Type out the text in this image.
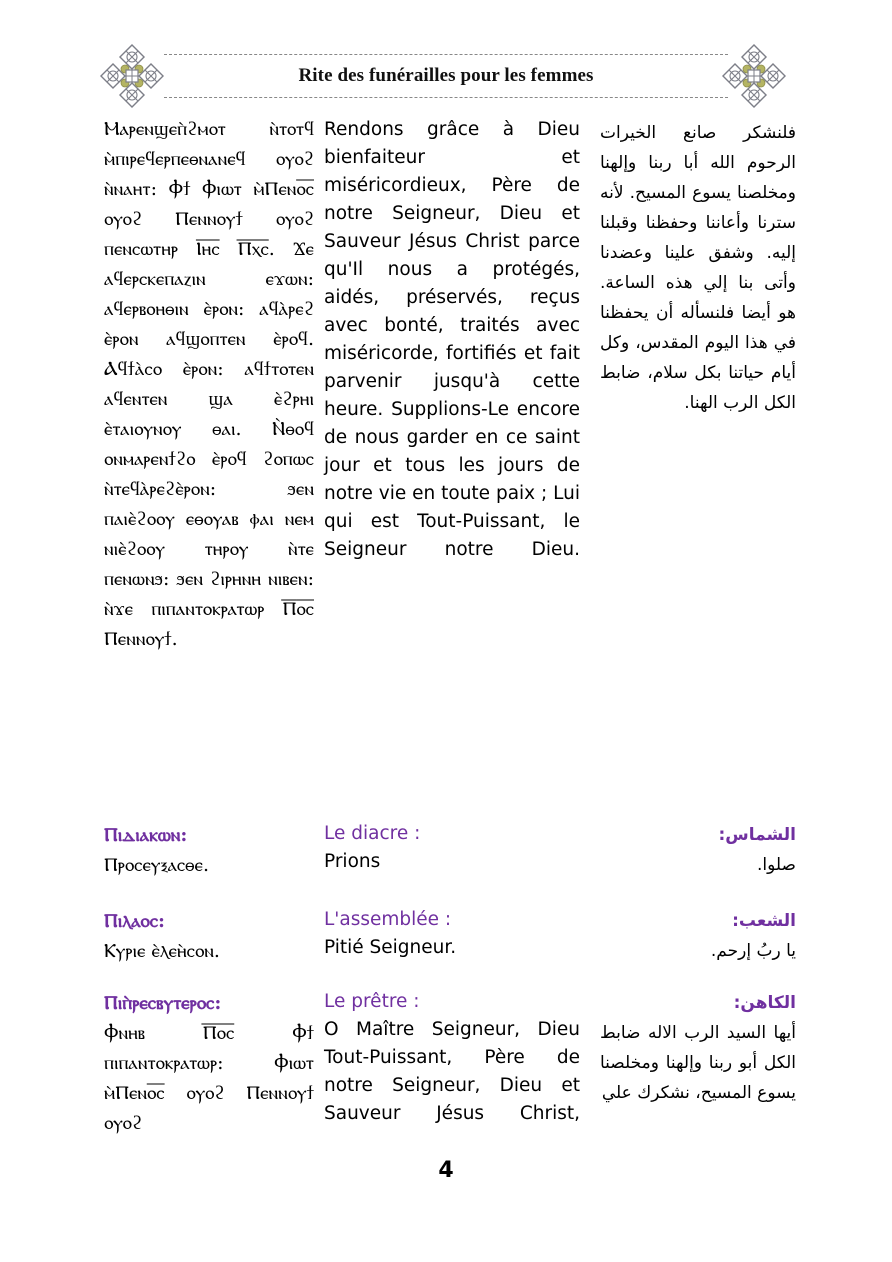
Rite des funérailles pour les femmes
Ⲙⲁⲣⲉⲛϣⲉⲡ̀ϩⲙⲟⲧ ⲛ̀ⲧⲟⲧϥ ⲙ̀ⲡⲓⲣⲉϥⲉⲣⲡⲉⲑⲛⲁⲛⲉϥ ⲟⲩⲟϩ ⲛ̀ⲛⲁⲏⲧ: Ⲫϯ Ⲫⲓⲱⲧ ⲙ̀Ⲡⲉⲛⲟ̅ⲥ̅ ⲟⲩⲟϩ Ⲡⲉⲛⲛⲟⲩϯ ⲟⲩⲟϩ ⲡⲉⲛⲥⲱⲧⲏⲣ Ⲓ̅ⲏ̅ⲥ̅ Ⲡ̅ⲭ̅ⲥ̅. Ϫⲉ ⲁϥⲉⲣⲥⲕⲉⲡⲁⲍⲓⲛ ⲉϫⲱⲛ: ⲁϥⲉⲣⲃⲟⲏⲑⲓⲛ ⲉ̀ⲣⲟⲛ: ⲁϥⲁ̀ⲣⲉϩ ⲉ̀ⲣⲟⲛ ⲁϥϣⲟⲡⲧⲉⲛ ⲉ̀ⲣⲟϥ. Ⲁϥϯⲁ̀ⲥⲟ ⲉ̀ⲣⲟⲛ: ⲁϥϯⲧⲟⲧⲉⲛ ⲁϥⲉⲛⲧⲉⲛ ϣⲁ ⲉ̀ϩⲣⲏⲓ ⲉ̀ⲧⲁⲓⲟⲩⲛⲟⲩ ⲑⲁⲓ. Ⲛ̀ⲑⲟϥ ⲟⲛⲙⲁⲣⲉⲛϯϩⲟ ⲉ̀ⲣⲟϥ ϩⲟⲡⲱⲥ ⲛ̀ⲧⲉϥⲁ̀ⲣⲉϩⲉ̀ⲣⲟⲛ: ϧⲉⲛ ⲡⲁⲓⲉ̀ϩⲟⲟⲩ ⲉⲑⲟⲩⲁⲃ ⲫⲁⲓ ⲛⲉⲙ ⲛⲓⲉ̀ϩⲟⲟⲩ ⲧⲏⲣⲟⲩ ⲛ̀ⲧⲉ ⲡⲉⲛⲱⲛϧ: ϧⲉⲛ ϩⲓⲣⲏⲛⲏ ⲛⲓⲃⲉⲛ: ⲛ̀ϫⲉ ⲡⲓⲡⲁⲛⲧⲟⲕⲣⲁⲧⲱⲣ Ⲡ̅ⲟ̅ⲥ̅ Ⲡⲉⲛⲛⲟⲩϯ.
Rendons grâce à Dieu bienfaiteur et miséricordieux, Père de notre Seigneur, Dieu et Sauveur Jésus Christ parce qu'Il nous a protégés, aidés, préservés, reçus avec bonté, traités avec miséricorde, fortifiés et fait parvenir jusqu'à cette heure. Supplions-Le encore de nous garder en ce saint jour et tous les jours de notre vie en toute paix ; Lui qui est Tout-Puissant, le Seigneur notre Dieu.
فلنشكر صانع الخيرات الرحوم الله أبا ربنا وإلهنا ومخلصنا يسوع المسيح. لأنه سترنا وأعاننا وحفظنا وقبلنا إليه. وشفق علينا وعضدنا وأتى بنا إلي هذه الساعة. هو أيضا فلنسأله أن يحفظنا في هذا اليوم المقدس، وكل أيام حياتنا بكل سلام، ضابط الكل الرب الهنا.
Ⲡⲓⲇⲓⲁⲕⲱⲛ:
Ⲡⲣⲟⲥⲉⲩⲝⲁⲥⲑⲉ.
Le diacre :
Prions
الشماس:
صلوا.
Ⲡⲓⲗⲁⲟⲥ:
Ⲕⲩⲣⲓⲉ ⲉ̀ⲗⲉⲏ̀ⲥⲟⲛ.
L'assemblée :
Pitié Seigneur.
الشعب:
يا ربُ إرحم.
Ⲡⲓⲡ̀ⲣⲉⲥⲃⲩⲧⲉⲣⲟⲥ:
Ⲫⲛⲏⲃ Ⲡ̅ⲟ̅ⲥ̅ Ⲫϯ ⲡⲓⲡⲁⲛⲧⲟⲕⲣⲁⲧⲱⲣ: Ⲫⲓⲱⲧ ⲙ̀Ⲡⲉⲛⲟ̅ⲥ̅ ⲟⲩⲟϩ Ⲡⲉⲛⲛⲟⲩϯ ⲟⲩⲟϩ
Le prêtre :
O Maître Seigneur, Dieu Tout-Puissant, Père de notre Seigneur, Dieu et Sauveur Jésus Christ,
الكاهن:
أيها السيد الرب الاله ضابط الكل أبو ربنا وإلهنا ومخلصنا يسوع المسيح، نشكرك علي
4
